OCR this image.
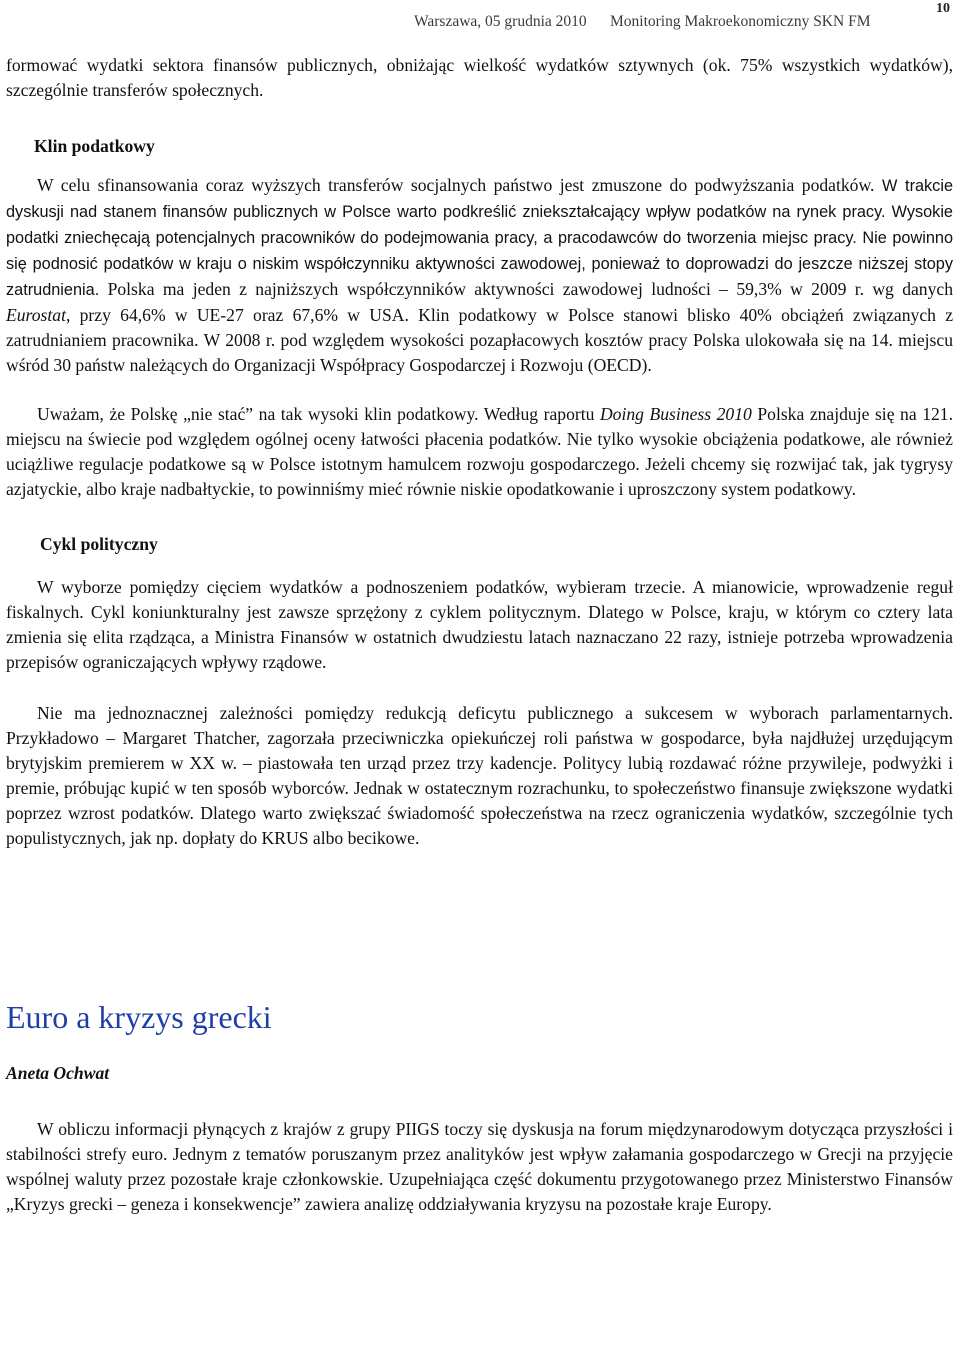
Warszawa, 05 grudnia 2010 Monitoring Makroekonomiczny SKN FM
10

formować wydatki sektora finansów publicznych, obniżając wielkość wydatków sztywnych (ok. 75% wszystkich wydatków), szczególnie transferów społecznych.

Klin podatkowy

W celu sfinansowania coraz wyższych transferów socjalnych państwo jest zmuszone do podwyższania podatków. W trakcie dyskusji nad stanem finansów publicznych w Polsce warto podkreślić zniekształcający wpływ podatków na rynek pracy. Wysokie podatki zniechęcają potencjalnych pracowników do podejmowania pracy, a pracodawców do tworzenia miejsc pracy. Nie powinno się podnosić podatków w kraju o niskim współczynniku aktywności zawodowej, ponieważ to doprowadzi do jeszcze niższej stopy zatrudnienia. Polska ma jeden z najniższych współczynników aktywności zawodowej ludności – 59,3% w 2009 r. wg danych Eurostat, przy 64,6% w UE-27 oraz 67,6% w USA. Klin podatkowy w Polsce stanowi blisko 40% obciążeń związanych z zatrudnianiem pracownika. W 2008 r. pod względem wysokości pozapłacowych kosztów pracy Polska ulokowała się na 14. miejscu wśród 30 państw należących do Organizacji Współpracy Gospodarczej i Rozwoju (OECD).

Uważam, że Polskę „nie stać” na tak wysoki klin podatkowy. Według raportu Doing Business 2010 Polska znajduje się na 121. miejscu na świecie pod względem ogólnej oceny łatwości płacenia podatków. Nie tylko wysokie obciążenia podatkowe, ale również uciążliwe regulacje podatkowe są w Polsce istotnym hamulcem rozwoju gospodarczego. Jeżeli chcemy się rozwijać tak, jak tygrysy azjatyckie, albo kraje nadbałtyckie, to powinniśmy mieć równie niskie opodatkowanie i uproszczony system podatkowy.

Cykl polityczny

W wyborze pomiędzy cięciem wydatków a podnoszeniem podatków, wybieram trzecie. A mianowicie, wprowadzenie reguł fiskalnych. Cykl koniunkturalny jest zawsze sprzężony z cyklem politycznym. Dlatego w Polsce, kraju, w którym co cztery lata zmienia się elita rządząca, a Ministra Finansów w ostatnich dwudziestu latach naznaczano 22 razy, istnieje potrzeba wprowadzenia przepisów ograniczających wpływy rządowe.

Nie ma jednoznacznej zależności pomiędzy redukcją deficytu publicznego a sukcesem w wyborach parlamentarnych. Przykładowo – Margaret Thatcher, zagorzała przeciwniczka opiekuńczej roli państwa w gospodarce, była najdłużej urzędującym brytyjskim premierem w XX w. – piastowała ten urząd przez trzy kadencje. Politycy lubią rozdawać różne przywileje, podwyżki i premie, próbując kupić w ten sposób wyborców. Jednak w ostatecznym rozrachunku, to społeczeństwo finansuje zwiększone wydatki poprzez wzrost podatków. Dlatego warto zwiększać świadomość społeczeństwa na rzecz ograniczenia wydatków, szczególnie tych populistycznych, jak np. dopłaty do KRUS albo becikowe.

Euro a kryzys grecki

Aneta Ochwat

W obliczu informacji płynących z krajów z grupy PIIGS toczy się dyskusja na forum międzynarodowym dotycząca przyszłości i stabilności strefy euro. Jednym z tematów poruszanym przez analityków jest wpływ załamania gospodarczego w Grecji na przyjęcie wspólnej waluty przez pozostałe kraje członkowskie. Uzupełniająca część dokumentu przygotowanego przez Ministerstwo Finansów „Kryzys grecki – geneza i konsekwencje” zawiera analizę oddziaływania kryzysu na pozostałe kraje Europy.
